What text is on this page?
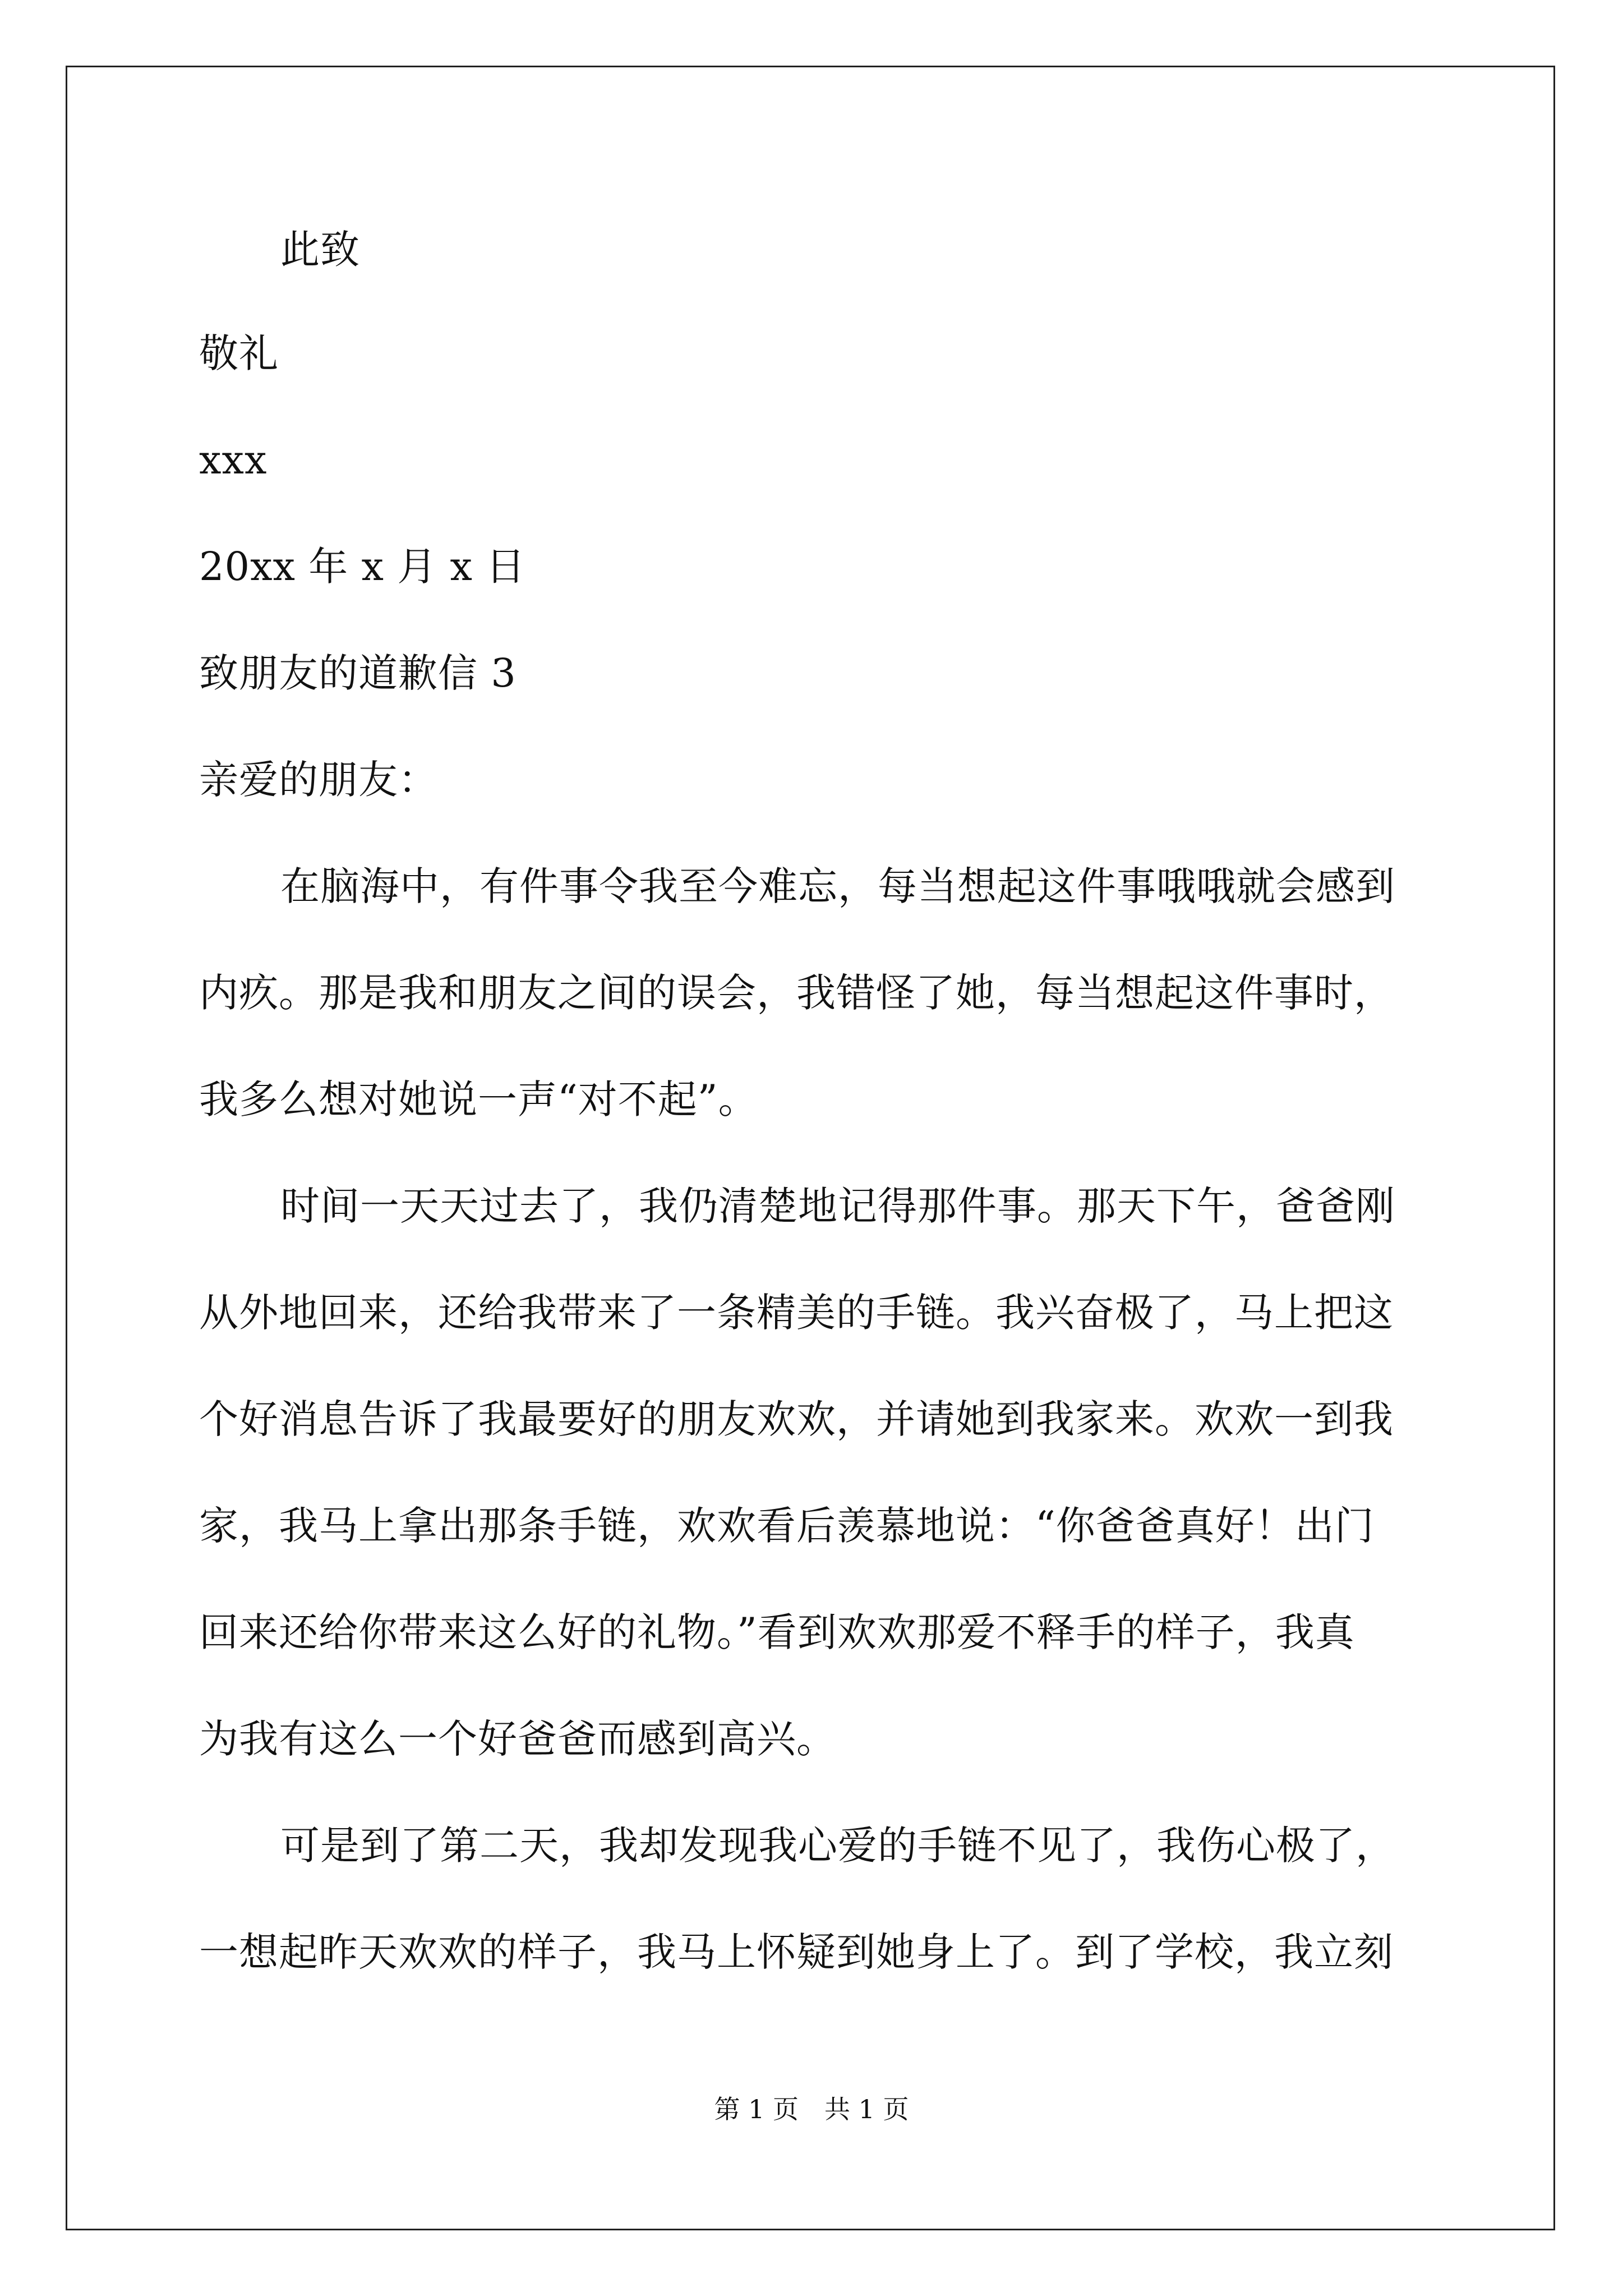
此致
敬礼
xxx
20xx 年 x 月 x 日
致朋友的道歉信 3
亲爱的朋友：
在脑海中，有件事令我至今难忘，每当想起这件事哦哦就会感到
内疚。那是我和朋友之间的误会，我错怪了她，每当想起这件事时，
我多么想对她说一声“对不起”。
时间一天天过去了，我仍清楚地记得那件事。那天下午，爸爸刚
从外地回来，还给我带来了一条精美的手链。我兴奋极了，马上把这
个好消息告诉了我最要好的朋友欢欢，并请她到我家来。欢欢一到我
家，我马上拿出那条手链，欢欢看后羡慕地说：“你爸爸真好！出门
回来还给你带来这么好的礼物。”看到欢欢那爱不释手的样子，我真
为我有这么一个好爸爸而感到高兴。
可是到了第二天，我却发现我心爱的手链不见了，我伤心极了，
一想起昨天欢欢的样子，我马上怀疑到她身上了。到了学校，我立刻
第 1 页　共 1 页
